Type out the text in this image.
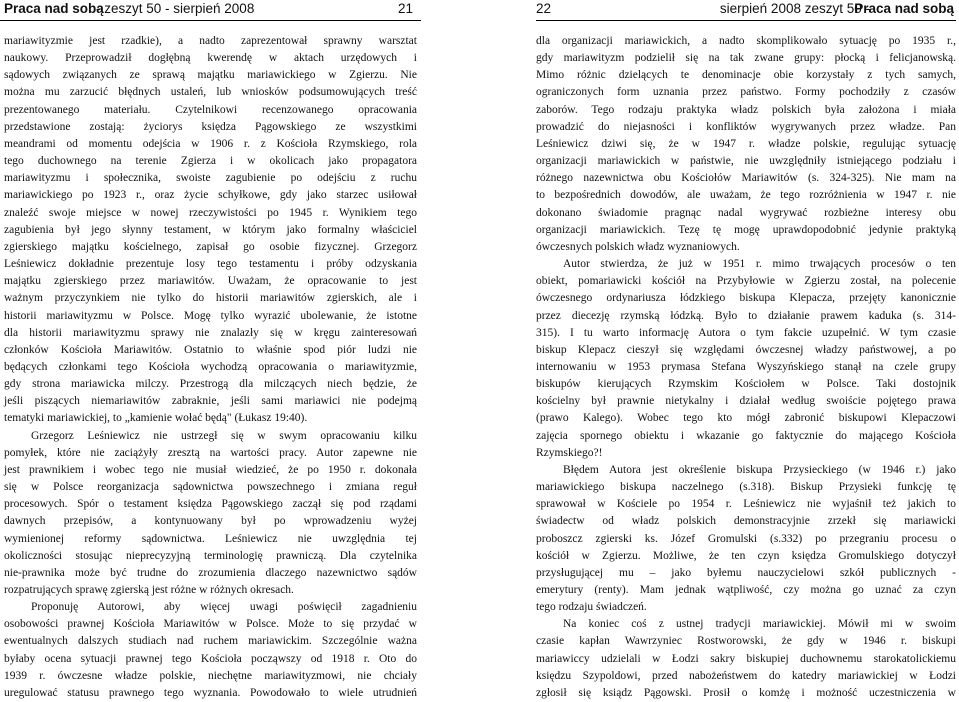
Praca nad sobą
- zeszyt 50 - sierpień 2008	21
mariawityzmie jest rzadkie), a nadto zaprezentował sprawny warsztat
naukowy. Przeprowadził dogłębną kwerendę w aktach urzędowych i
sądowych związanych ze sprawą majątku mariawickiego w Zgierzu. Nie
można mu zarzucić błędnych ustaleń, lub wniosków podsumowujących treść
prezentowanego materiału. Czytelnikowi recenzowanego opracowania
przedstawione zostają: życiorys księdza Pągowskiego ze wszystkimi
meandrami od momentu odejścia w 1906 r. z Kościoła Rzymskiego, rola
tego duchownego na terenie Zgierza i w okolicach jako propagatora
mariawityzmu i społecznika, swoiste zagubienie po odejściu z ruchu
mariawickiego po 1923 r., oraz życie schyłkowe, gdy jako starzec usiłował
znaleźć swoje miejsce w nowej rzeczywistości po 1945 r. Wynikiem tego
zagubienia był jego słynny testament, w którym jako formalny właściciel
zgierskiego majątku kościelnego, zapisał go osobie fizycznej. Grzegorz
Leśniewicz dokładnie prezentuje losy tego testamentu i próby odzyskania
majątku zgierskiego przez mariawitów. Uważam, że opracowanie to jest
ważnym przyczynkiem nie tylko do historii mariawitów zgierskich, ale i
historii mariawityzmu w Polsce. Mogę tylko wyrazić ubolewanie, że istotne
dla historii mariawityzmu sprawy nie znalazły się w kręgu zainteresowań
członków Kościoła Mariawitów. Ostatnio to właśnie spod piór ludzi nie
będących członkami tego Kościoła wychodzą opracowania o mariawityzmie,
gdy strona mariawicka milczy. Przestrogą dla milczących niech będzie, że
jeśli piszących niemariawitów zabraknie, jeśli sami mariawici nie podejmą
tematyki mariawickiej, to „kamienie wołać będą" (Łukasz 19:40).
Grzegorz Leśniewicz nie ustrzegł się w swym opracowaniu kilku
pomyłek, które nie zaciążyły zresztą na wartości pracy. Autor zapewne nie
jest prawnikiem i wobec tego nie musiał wiedzieć, że po 1950 r. dokonała
się w Polsce reorganizacja sądownictwa powszechnego i zmiana reguł
procesowych. Spór o testament księdza Pągowskiego zaczął się pod rządami
dawnych przepisów, a kontynuowany był po wprowadzeniu wyżej
wymienionej reformy sądownictwa. Leśniewicz nie uwzględnia tej
okoliczności stosując nieprecyzyjną terminologię prawniczą. Dla czytelnika
nie-prawnika może być trudne do zrozumienia dlaczego nazewnictwo sądów
rozpatrujących sprawę zgierską jest różne w różnych okresach.
Proponuję Autorowi, aby więcej uwagi poświęcił zagadnieniu
osobowości prawnej Kościoła Mariawitów w Polsce. Może to się przydać w
ewentualnych dalszych studiach nad ruchem mariawickim. Szczególnie ważna
byłaby ocena sytuacji prawnej tego Kościoła począwszy od 1918 r. Oto do
1939 r. ówczesne władze polskie, niechętne mariawityzmowi, nie chciały
uregulować statusu prawnego tego wyznania. Powodowało to wiele utrudnień
22	sierpień 2008 zeszyt 50 -
Praca nad sobą
dla organizacji mariawickich, a nadto skomplikowało sytuację po 1935 r.,
gdy mariawityzm podzielił się na tak zwane grupy: płocką i felicjanowską.
Mimo różnic dzielących te denominacje obie korzystały z tych samych,
ograniczonych form uznania przez państwo. Formy pochodziły z czasów
zaborów. Tego rodzaju praktyka władz polskich była założona i miała
prowadzić do niejasności i konfliktów wygrywanych przez władze. Pan
Leśniewicz dziwi się, że w 1947 r. władze polskie, regulując sytuację
organizacji mariawickich w państwie, nie uwzględniły istniejącego podziału i
różnego nazewnictwa obu Kościołów Mariawitów (s. 324-325). Nie mam na
to bezpośrednich dowodów, ale uważam, że tego rozróżnienia w 1947 r. nie
dokonano świadomie pragnąc nadal wygrywać rozbieżne interesy obu
organizacji mariawickich. Tezę tę mogę uprawdopodobnić jedynie praktyką
ówczesnych polskich władz wyznaniowych.
Autor stwierdza, że już w 1951 r. mimo trwających procesów o ten
obiekt, pomariawicki kościół na Przybyłowie w Zgierzu został, na polecenie
ówczesnego ordynariusza łódzkiego biskupa Klepacza, przejęty kanonicznie
przez diecezję rzymską łódzką. Było to działanie prawem kaduka (s. 314-
315). I tu warto informację Autora o tym fakcie uzupełnić. W tym czasie
biskup Klepacz cieszył się względami ówczesnej władzy państwowej, a po
internowaniu w 1953 prymasa Stefana Wyszyńskiego stanął na czele grupy
biskupów kierujących Rzymskim Kościołem w Polsce. Taki dostojnik
kościelny był prawnie nietykalny i działał według swoiście pojętego prawa
(prawo Kalego). Wobec tego kto mógł zabronić biskupowi Klepaczowi
zajęcia spornego obiektu i wkazanie go faktycznie do mającego Kościoła
Rzymskiego?!
Błędem Autora jest określenie biskupa Przysieckiego (w 1946 r.) jako
mariawickiego biskupa naczelnego (s.318). Biskup Przysieki funkcję tę
sprawował w Kościele po 1954 r. Leśniewicz nie wyjaśnił też jakich to
świadectw od władz polskich demonstracyjnie zrzekł się mariawicki
proboszcz zgierski ks. Józef Gromulski (s.332) po przegraniu procesu o
kościół w Zgierzu. Możliwe, że ten czyn księdza Gromulskiego dotyczył
przysługującej mu – jako byłemu nauczycielowi szkół publicznych -
emerytury (renty). Mam jednak wątpliwość, czy można go uznać za czyn
tego rodzaju świadczeń.
Na koniec coś z ustnej tradycji mariawickiej. Mówił mi w swoim
czasie kapłan Wawrzyniec Rostworowski, że gdy w 1946 r. biskupi
mariawiccy udzielali w Łodzi sakry biskupiej duchownemu starokatolickiemu
księdzu Szypoldowi, przed nabożeństwem do katedry mariawickiej w Łodzi
zgłosił się ksiądz Pągowski. Prosił o komżę i możność uczestniczenia w
